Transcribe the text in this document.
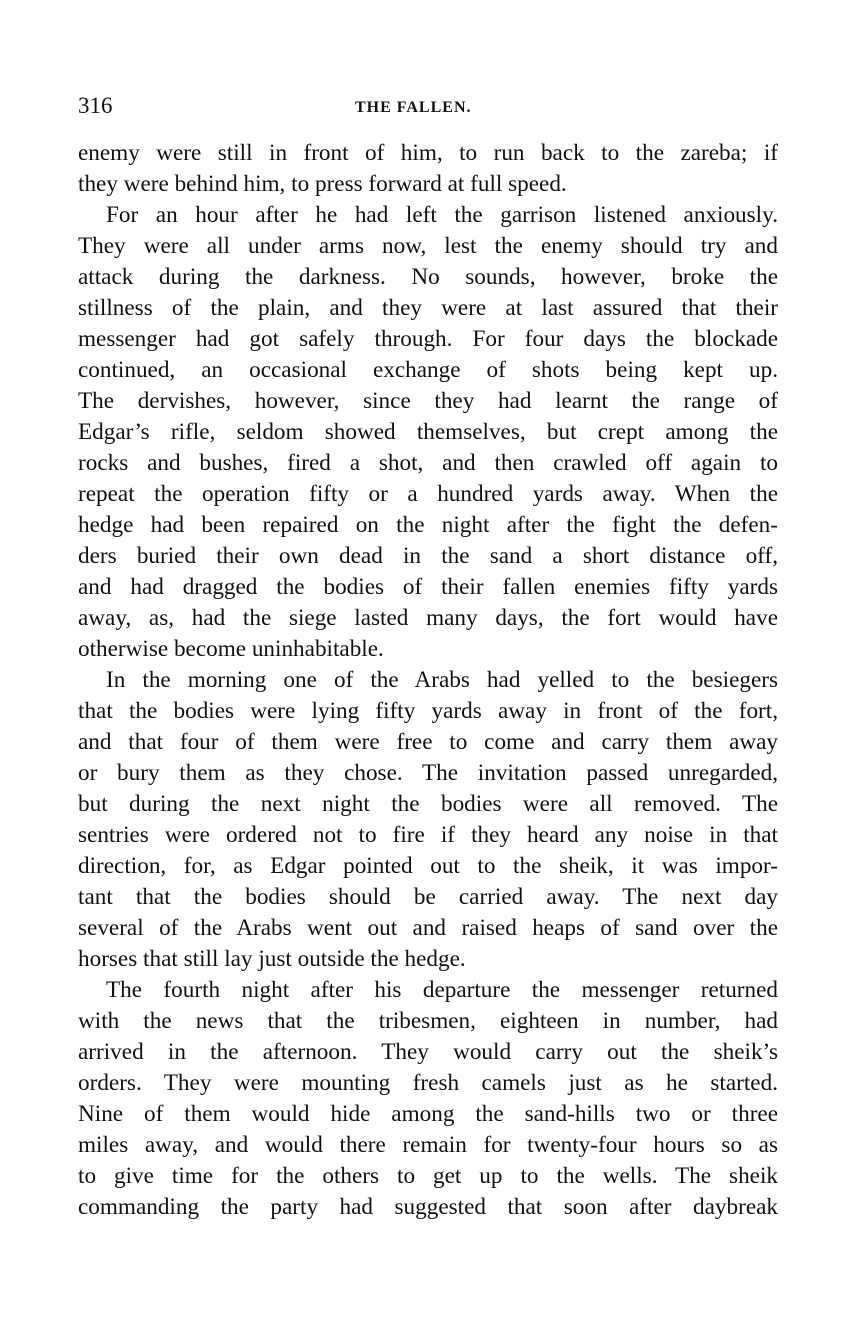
316	THE FALLEN.
enemy were still in front of him, to run back to the zareba; if
they were behind him, to press forward at full speed.
For an hour after he had left the garrison listened anxiously.
They were all under arms now, lest the enemy should try and
attack during the darkness. No sounds, however, broke the
stillness of the plain, and they were at last assured that their
messenger had got safely through. For four days the blockade
continued, an occasional exchange of shots being kept up.
The dervishes, however, since they had learnt the range of
Edgar’s rifle, seldom showed themselves, but crept among the
rocks and bushes, fired a shot, and then crawled off again to
repeat the operation fifty or a hundred yards away. When the
hedge had been repaired on the night after the fight the defen-
ders buried their own dead in the sand a short distance off,
and had dragged the bodies of their fallen enemies fifty yards
away, as, had the siege lasted many days, the fort would have
otherwise become uninhabitable.
In the morning one of the Arabs had yelled to the besiegers
that the bodies were lying fifty yards away in front of the fort,
and that four of them were free to come and carry them away
or bury them as they chose. The invitation passed unregarded,
but during the next night the bodies were all removed. The
sentries were ordered not to fire if they heard any noise in that
direction, for, as Edgar pointed out to the sheik, it was impor-
tant that the bodies should be carried away. The next day
several of the Arabs went out and raised heaps of sand over the
horses that still lay just outside the hedge.
The fourth night after his departure the messenger returned
with the news that the tribesmen, eighteen in number, had
arrived in the afternoon. They would carry out the sheik’s
orders. They were mounting fresh camels just as he started.
Nine of them would hide among the sand-hills two or three
miles away, and would there remain for twenty-four hours so as
to give time for the others to get up to the wells. The sheik
commanding the party had suggested that soon after daybreak
